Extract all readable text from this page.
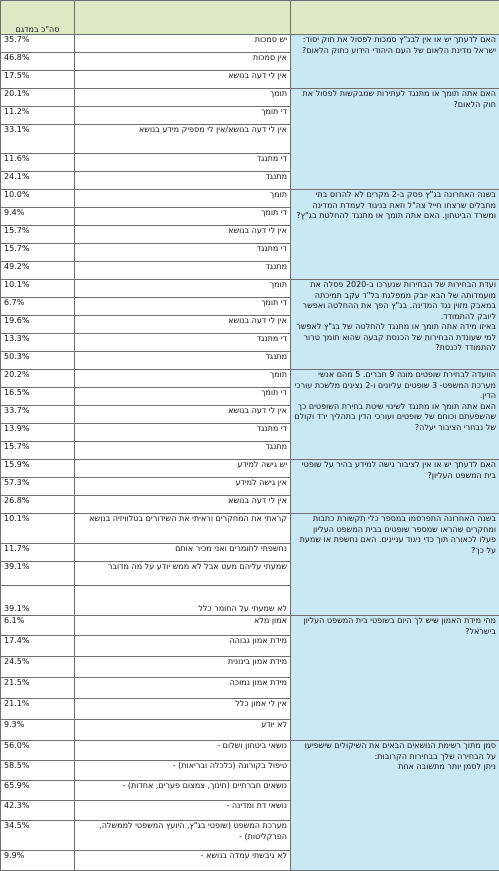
סה"כ במדגם		
35.7%	יש סמכות	האם לדעתך יש או אין לבג"ץ סמכות לפסול את חוק יסוד: ישראל מדינת הלאום של העם היהודי הידוע כחוק הלאום?
46.8%	אין סמכות	
17.5%	אין לי דעה בנושא	
20.1%	תומך	האם אתה תומך או מתנגד לעתירות שמבקשות לפסול את חוק הלאום?
11.2%	די תומך	
33.1%	אין לי דעה בנושא/אין לי מספיק מידע בנושא	
11.6%	די מתנגד	
24.1%	מתנגד	
10.0%	תומך	בשנה האחרונה בג"ץ פסק ב-2 מקרים לא להרוס בתי מחבלים שרצחו חייל צה"ל וזאת בניגוד לעמדת המדינה ומשרד הביטחון. האם אתה תומך או מתנגד להחלטת בג"ץ?
9.4%	די תומך	
15.7%	אין לי דעה בנושא	
15.7%	די מתנגד	
49.2%	מתנגד	
10.1%	תומך	ועדת הבחירות של הבחירות שנערכו ב-2020 פסלה את מועמדותה של הבא יובק ממפלגת בל"ד עקב תמיכתה במאבק מזוין נגד המדינה. בג"ץ הפך את ההחלטה ואפשר ליובק להתמודד.
באיזו מידה אתה תומך או מתנגד להחלטה של בג"ץ לאפשר למי שעונדת הבחירות של הכנסת קבעה שהוא תומך טרור להתמודד לכנסת?
6.7%	די תומך	
19.6%	אין לי דעה בנושא	
13.3%	די מתנגד	
50.3%	מתנגד	
20.2%	תומך	הוועדה לבחירת שופטים מונה 9 חברים. 5 מהם אנשי מערכת המשפט- 3 שופטים עליונים ו-2 נציגים מלשכת עורכי הדין.
האם אתה תומך או מתנגד לשינוי שיטת בחירת השופטים כך שהשפעתם וכוחם של שופטים ועורכי הדין בתהליך ירד וקולם של נבחרי הציבור יעלה?
16.5%	די תומך	
33.7%	אין לי דעה בנושא	
13.9%	די מתנגד	
15.7%	מתנגד	
15.9%	יש גישה למידע	האם לדעתך יש או אין לציבור גישה למידע בהיר על שופטי בית המשפט העליון?
57.3%	אין גישה למידע	
26.8%	אין לי דעה בנושא	
10.1%	קראתי את המחקרים וראיתי את השידורים בטלוויזיה בנושא	בשנה האחרונה התפרסמו במספר כלי תקשורת כתבות ומחקרים שהראו שמספר שופטים בבית המשפט העליון פעלו לכאורה תוך כדי ניגוד עניינים. האם נחשפת או שמעת על כך?
11.7%	נחשפתי לחומרים ואני מכיר אותם	
39.1%	שמעתי עליהם מעט אבל לא ממש יודע על מה מדובר	
39.1%	לא שמעתי על החומר כלל	
6.1%	אמון מלא	מהי מידת האמון שיש לך היום בשופטי בית המשפט העליון בישראל?
17.4%	מידת אמון גבוהה	
24.5%	מידת אמון בינונית	
21.5%	מידת אמון נמוכה	
21.1%	אין לי אמון כלל	
9.3%	לא יודע	
56.0%	נושאי ביטחון ושלום -	סמן מתוך רשימת הנושאים הבאים את השיקולים שישפיעו על הבחירה שלך בבחירות הקרובות:
ניתן לסמן יותר מתשובה אחת
58.5%	טיפול בקורונה (כלכלה ובריאות) -	
65.9%	נושאים חברתיים (חינוך, צמצום פערים, אחדות) -	
42.3%	נושאי דת ומדינה -	
34.5%	מערכת המשפט (שופטי בג"ץ, היועץ המשפטי לממשלה, הפרקליטות) -	
9.9%	לא גיבשתי עמדה בנושא -	
